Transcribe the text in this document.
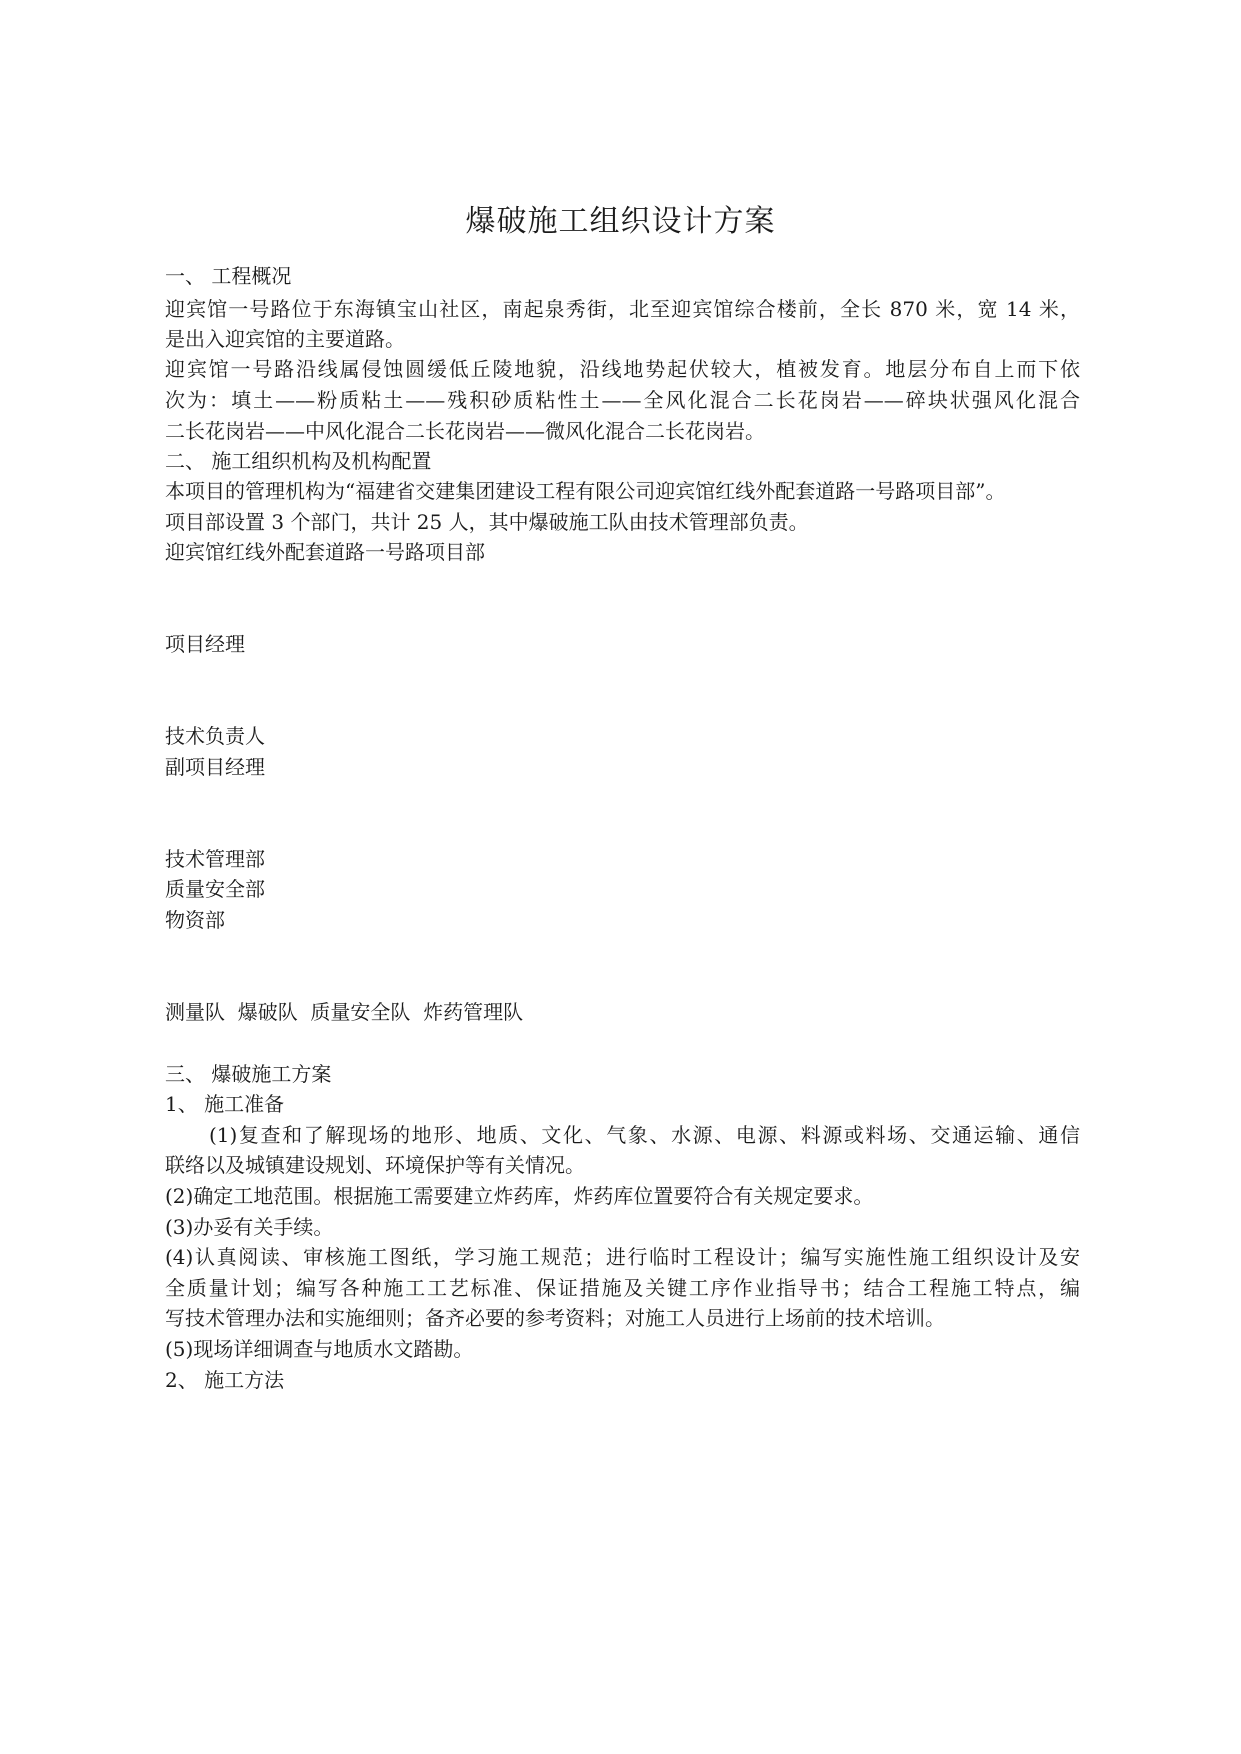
爆破施工组织设计方案
一、 工程概况
迎宾馆一号路位于东海镇宝山社区，南起泉秀街，北至迎宾馆综合楼前，全长 870 米，宽 14 米，
是出入迎宾馆的主要道路。
迎宾馆一号路沿线属侵蚀圆缓低丘陵地貌，沿线地势起伏较大，植被发育。地层分布自上而下依
次为：填土——粉质粘土——残积砂质粘性土——全风化混合二长花岗岩——碎块状强风化混合
二长花岗岩——中风化混合二长花岗岩——微风化混合二长花岗岩。
二、 施工组织机构及机构配置
本项目的管理机构为“福建省交建集团建设工程有限公司迎宾馆红线外配套道路一号路项目部”。
项目部设置 3 个部门，共计 25 人，其中爆破施工队由技术管理部负责。
迎宾馆红线外配套道路一号路项目部
项目经理
技术负责人
副项目经理
技术管理部
质量安全部
物资部
测量队  爆破队  质量安全队  炸药管理队
三、 爆破施工方案
1、 施工准备
(1)复查和了解现场的地形、地质、文化、气象、水源、电源、料源或料场、交通运输、通信
联络以及城镇建设规划、环境保护等有关情况。
(2)确定工地范围。根据施工需要建立炸药库，炸药库位置要符合有关规定要求。
(3)办妥有关手续。
(4)认真阅读、审核施工图纸，学习施工规范；进行临时工程设计；编写实施性施工组织设计及安
全质量计划；编写各种施工工艺标准、保证措施及关键工序作业指导书；结合工程施工特点，编
写技术管理办法和实施细则；备齐必要的参考资料；对施工人员进行上场前的技术培训。
(5)现场详细调查与地质水文踏勘。
2、 施工方法
